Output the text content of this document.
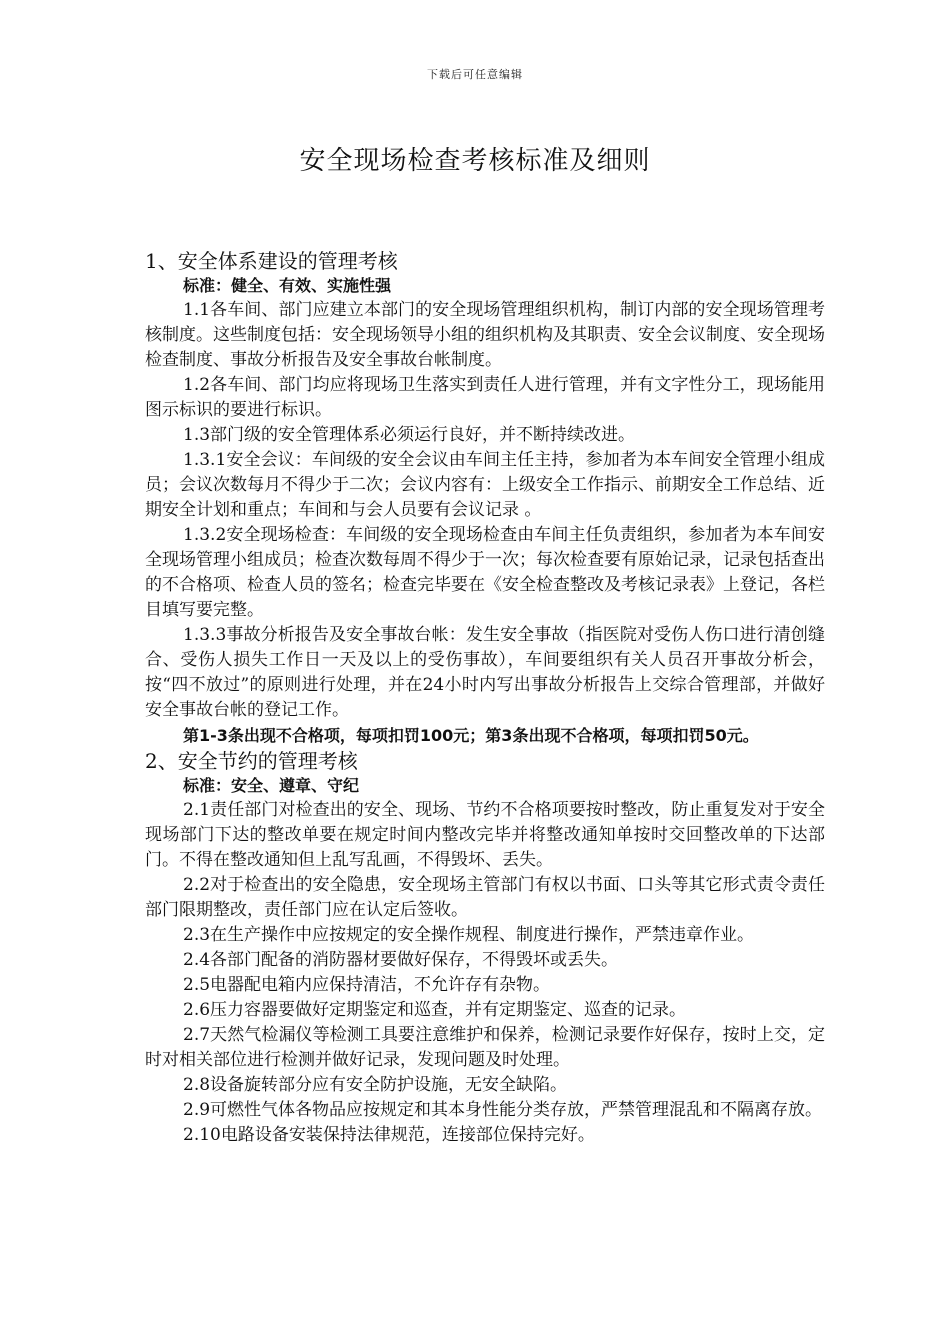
下载后可任意编辑
安全现场检查考核标准及细则

1、安全体系建设的管理考核

标准：健全、有效、实施性强

1.1各车间、部门应建立本部门的安全现场管理组织机构，制订内部的安全现场管理考核制度。这些制度包括：安全现场领导小组的组织机构及其职责、安全会议制度、安全现场检查制度、事故分析报告及安全事故台帐制度。

1.2各车间、部门均应将现场卫生落实到责任人进行管理，并有文字性分工，现场能用图示标识的要进行标识。

1.3部门级的安全管理体系必须运行良好，并不断持续改进。

1.3.1安全会议：车间级的安全会议由车间主任主持，参加者为本车间安全管理小组成员；会议次数每月不得少于二次；会议内容有：上级安全工作指示、前期安全工作总结、近期安全计划和重点；车间和与会人员要有会议记录 。

1.3.2安全现场检查：车间级的安全现场检查由车间主任负责组织，参加者为本车间安全现场管理小组成员；检查次数每周不得少于一次；每次检查要有原始记录，记录包括查出的不合格项、检查人员的签名；检查完毕要在《安全检查整改及考核记录表》上登记，各栏目填写要完整。

1.3.3事故分析报告及安全事故台帐：发生安全事故（指医院对受伤人伤口进行清创缝合、受伤人损失工作日一天及以上的受伤事故），车间要组织有关人员召开事故分析会，按“四不放过”的原则进行处理，并在24小时内写出事故分析报告上交综合管理部，并做好安全事故台帐的登记工作。

第1-3条出现不合格项，每项扣罚100元；第3条出现不合格项，每项扣罚50元。

2、安全节约的管理考核

标准：安全、遵章、守纪

2.1责任部门对检查出的安全、现场、节约不合格项要按时整改，防止重复发对于安全现场部门下达的整改单要在规定时间内整改完毕并将整改通知单按时交回整改单的下达部门。不得在整改通知但上乱写乱画，不得毁坏、丢失。

2.2对于检查出的安全隐患，安全现场主管部门有权以书面、口头等其它形式责令责任部门限期整改，责任部门应在认定后签收。

2.3在生产操作中应按规定的安全操作规程、制度进行操作，严禁违章作业。

2.4各部门配备的消防器材要做好保存，不得毁坏或丢失。

2.5电器配电箱内应保持清洁，不允许存有杂物。

2.6压力容器要做好定期鉴定和巡查，并有定期鉴定、巡查的记录。

2.7天然气检漏仪等检测工具要注意维护和保养，检测记录要作好保存，按时上交，定时对相关部位进行检测并做好记录，发现问题及时处理。

2.8设备旋转部分应有安全防护设施，无安全缺陷。

2.9可燃性气体各物品应按规定和其本身性能分类存放，严禁管理混乱和不隔离存放。

2.10电路设备安装保持法律规范，连接部位保持完好。
